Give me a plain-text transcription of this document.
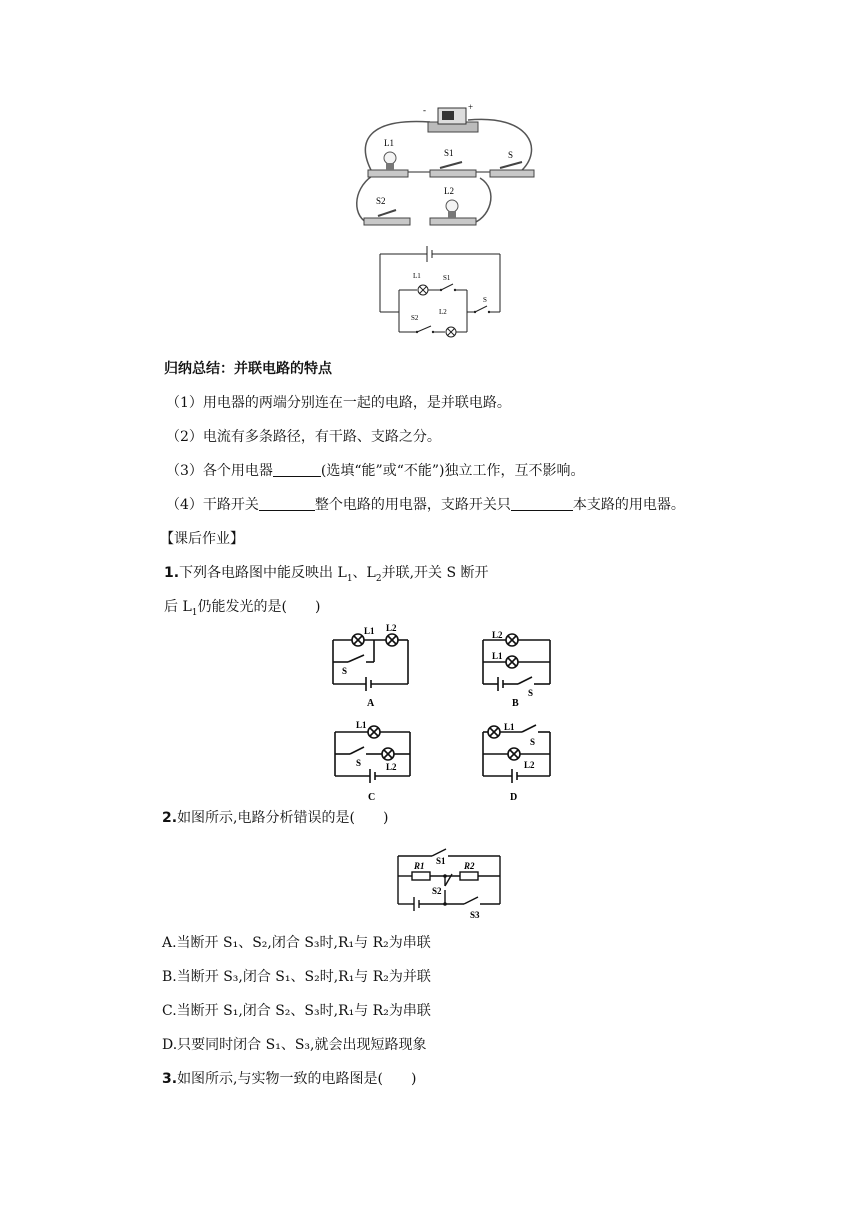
-	+
L1
S1	S
S2
L2
L1	S1
S
S2
L2
归纳总结：并联电路的特点
（1）用电器的两端分别连在一起的电路，是并联电路。
（2）电流有多条路径，有干路、支路之分。
（3）各个用电器	(选填“能”或“不能”)独立工作，互不影响。
（4）干路开关	整个电路的用电器，支路开关只	本支路的用电器。
【课后作业】
1.下列各电路图中能反映出 $L_1$、$L_2$并联,开关 S 断开
后 $L_1$仍能发光的是(　　)
L1 L2
S
A
L2
L1
S
B
L1
S	L2
C
L1
S
L2
D
2.如图所示,电路分析错误的是(　　)
S1
R1	R2
S2
S3
A.当断开 S₁、S₂,闭合 S₃时,R₁与 R₂为串联
B.当断开 S₃,闭合 S₁、S₂时,R₁与 R₂为并联
C.当断开 S₁,闭合 S₂、S₃时,R₁与 R₂为串联
D.只要同时闭合 S₁、S₃,就会出现短路现象
3.如图所示,与实物一致的电路图是(　　)
